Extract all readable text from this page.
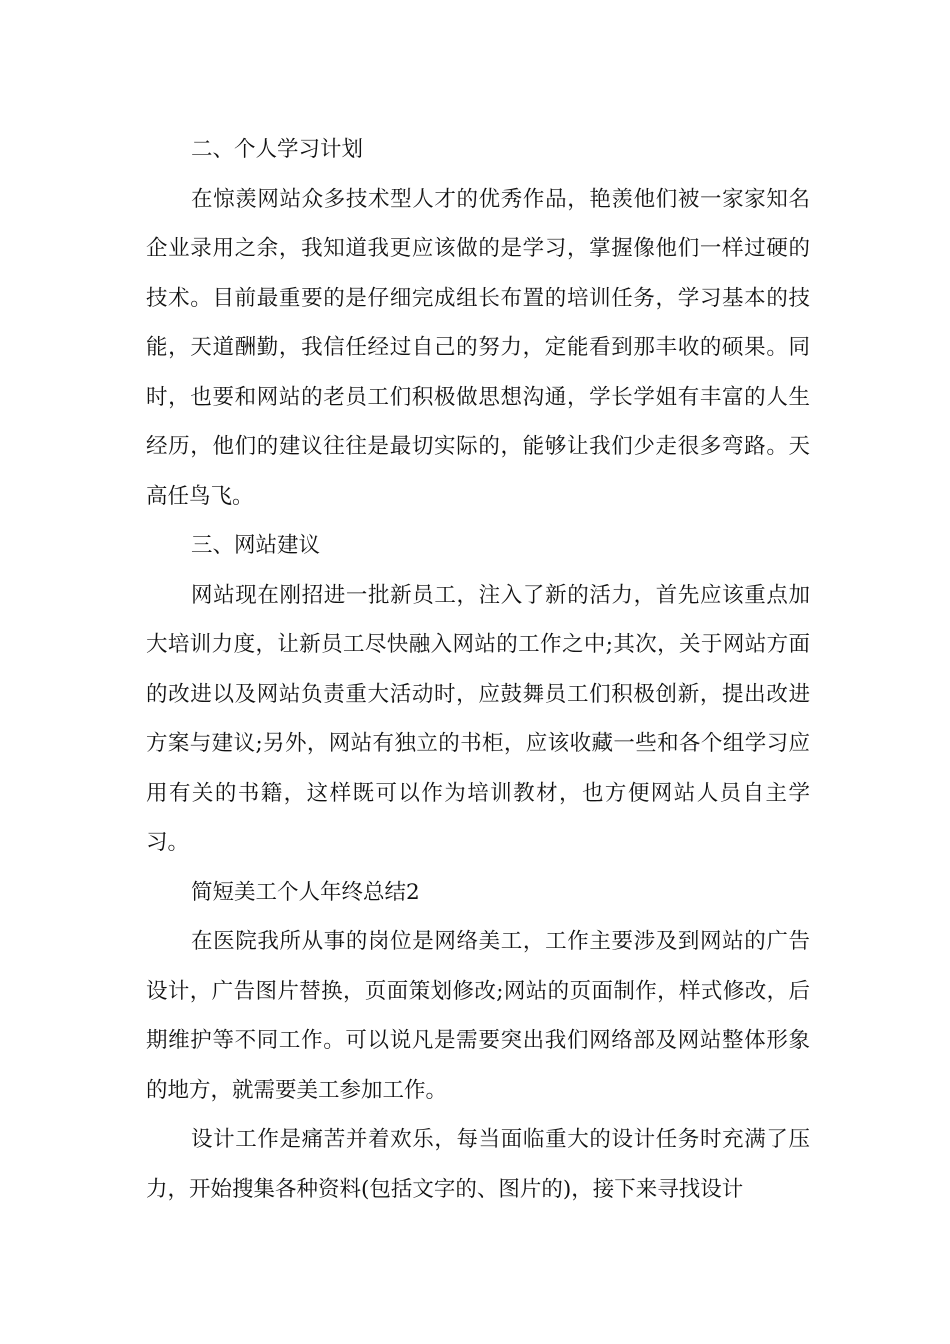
二、个人学习计划

在惊羡网站众多技术型人才的优秀作品，艳羡他们被一家家知名企业录用之余，我知道我更应该做的是学习，掌握像他们一样过硬的技术。目前最重要的是仔细完成组长布置的培训任务，学习基本的技能，天道酬勤，我信任经过自己的努力，定能看到那丰收的硕果。同时，也要和网站的老员工们积极做思想沟通，学长学姐有丰富的人生经历，他们的建议往往是最切实际的，能够让我们少走很多弯路。天高任鸟飞。

三、网站建议

网站现在刚招进一批新员工，注入了新的活力，首先应该重点加大培训力度，让新员工尽快融入网站的工作之中;其次，关于网站方面的改进以及网站负责重大活动时，应鼓舞员工们积极创新，提出改进方案与建议;另外，网站有独立的书柜，应该收藏一些和各个组学习应用有关的书籍，这样既可以作为培训教材，也方便网站人员自主学习。

简短美工个人年终总结2

在医院我所从事的岗位是网络美工，工作主要涉及到网站的广告设计，广告图片替换，页面策划修改;网站的页面制作，样式修改，后期维护等不同工作。可以说凡是需要突出我们网络部及网站整体形象的地方，就需要美工参加工作。

设计工作是痛苦并着欢乐，每当面临重大的设计任务时充满了压力，开始搜集各种资料(包括文字的、图片的)，接下来寻找设计
